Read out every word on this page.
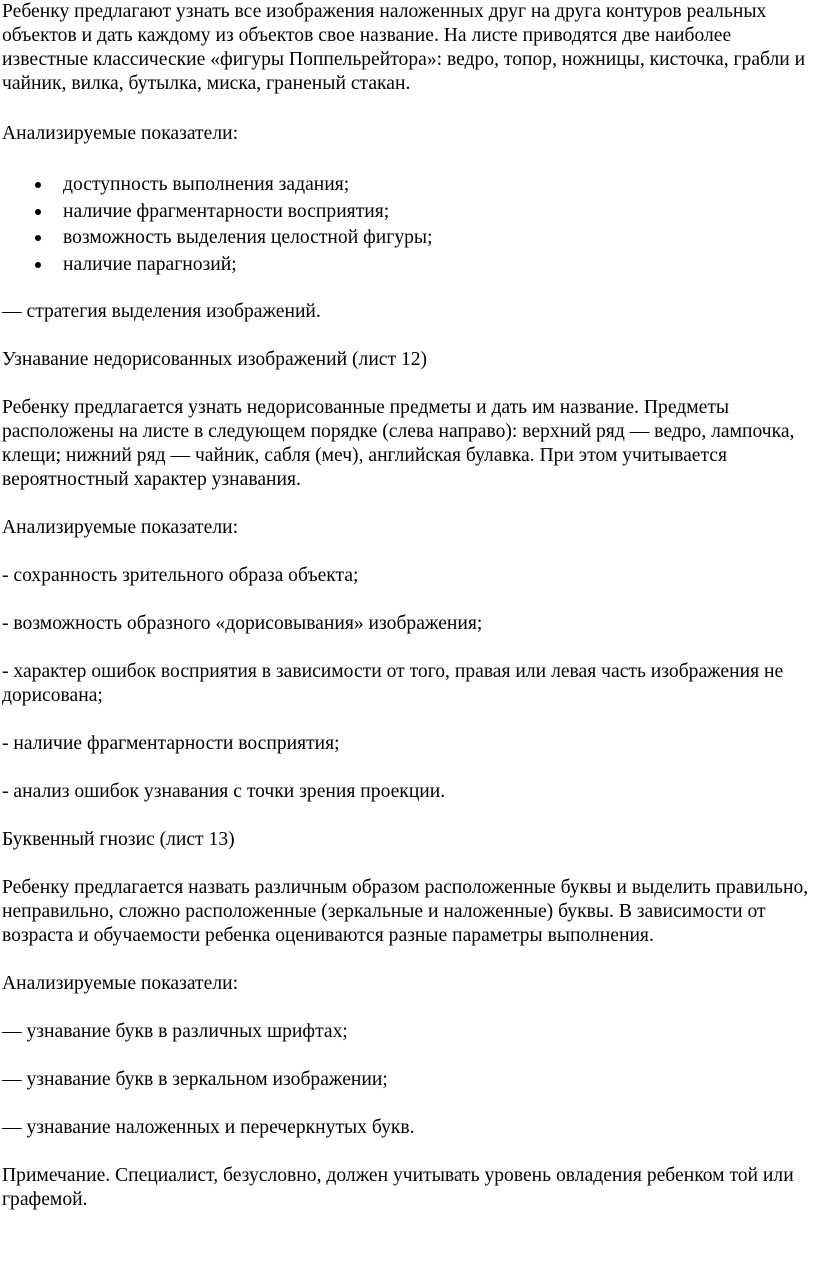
Ребенку предлагают узнать все изображения наложенных друг на друга контуров реальных объектов и дать каждому из объектов свое название. На листе приводятся две наиболее известные классические «фигуры Поппельрейтора»: ведро, топор, ножницы, кисточка, грабли и чайник, вилка, бутылка, миска, граненый стакан.

Анализируемые показатели:

доступность выполнения задания;
наличие фрагментарности восприятия;
возможность выделения целостной фигуры;
наличие парагнозий;

— стратегия выделения изображений.

Узнавание недорисованных изображений (лист 12)

Ребенку предлагается узнать недорисованные предметы и дать им название. Предметы расположены на листе в следующем порядке (слева направо): верхний ряд — ведро, лампочка, клещи; нижний ряд — чайник, сабля (меч), английская булавка. При этом учитывается вероятностный характер узнавания.

Анализируемые показатели:

- сохранность зрительного образа объекта;

- возможность образного «дорисовывания» изображения;

- характер ошибок восприятия в зависимости от того, правая или левая часть изображения не дорисована;

- наличие фрагментарности восприятия;

- анализ ошибок узнавания с точки зрения проекции.

Буквенный гнозис (лист 13)

Ребенку предлагается назвать различным образом расположенные буквы и выделить правильно, неправильно, сложно расположенные (зеркальные и наложенные) буквы. В зависимости от возраста и обучаемости ребенка оцениваются разные параметры выполнения.

Анализируемые показатели:

— узнавание букв в различных шрифтах;

— узнавание букв в зеркальном изображении;

— узнавание наложенных и перечеркнутых букв.

Примечание. Специалист, безусловно, должен учитывать уровень овладения ребенком той или графемой.
